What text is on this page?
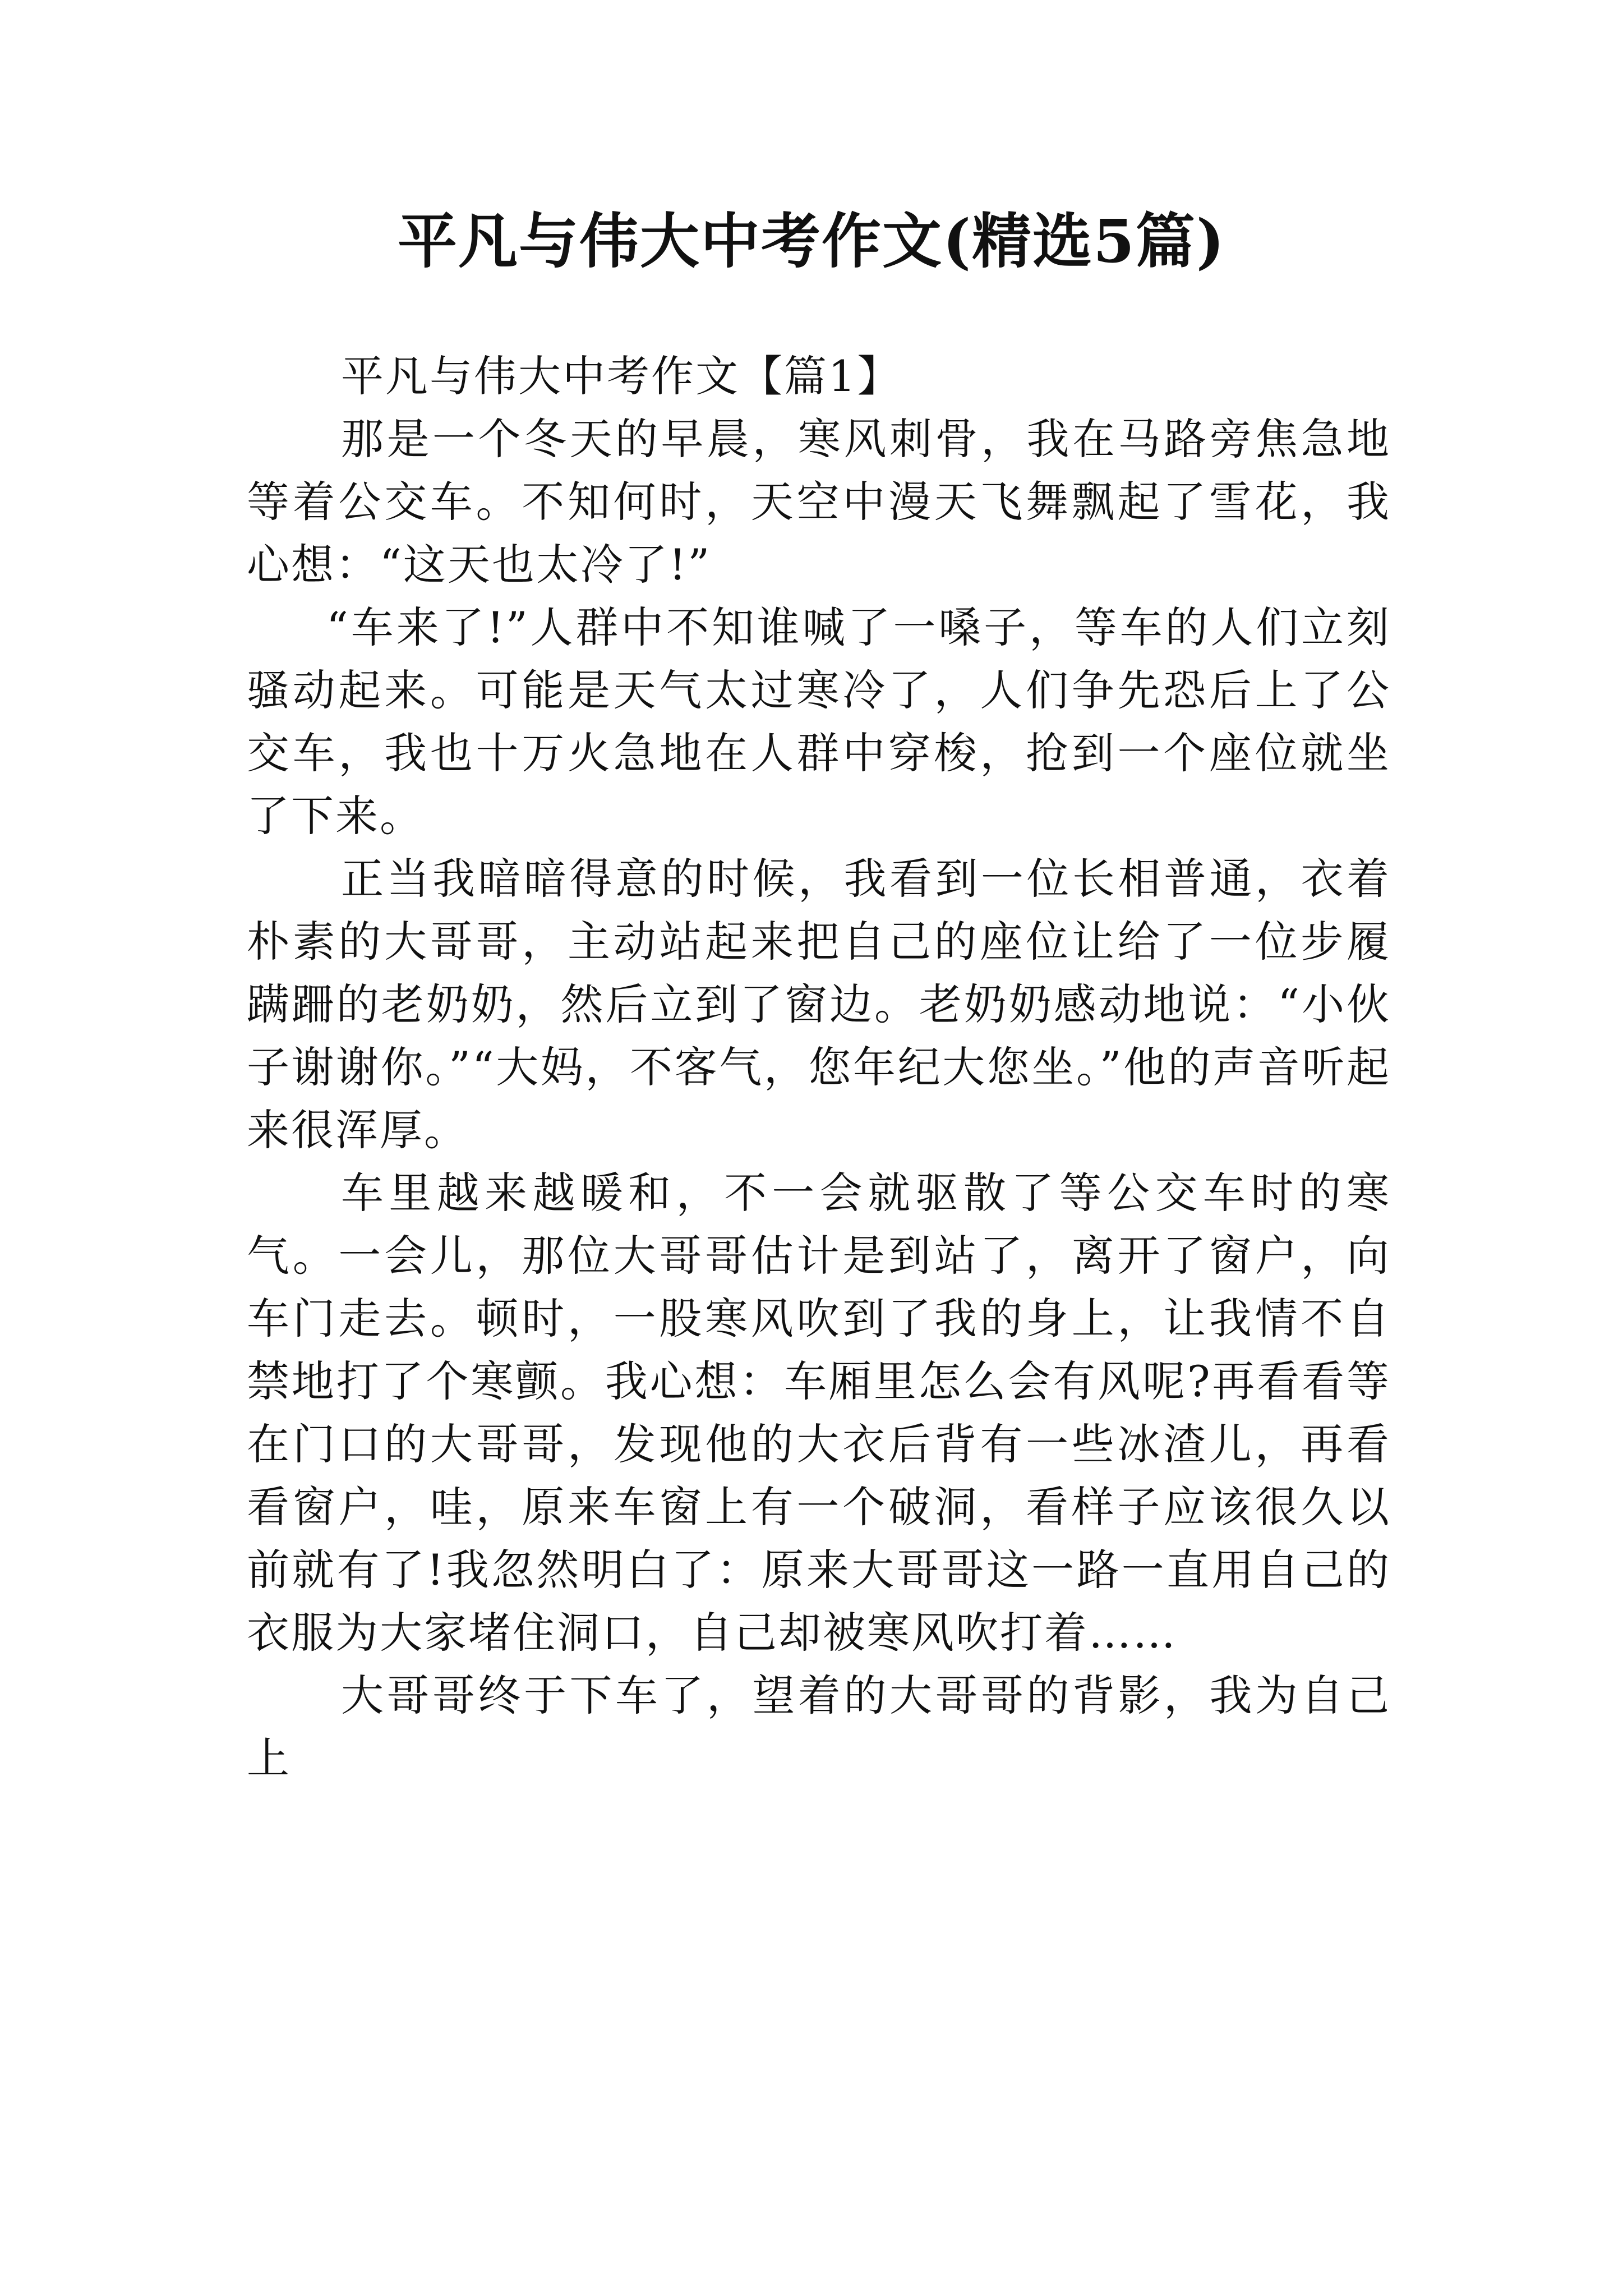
平凡与伟大中考作文(精选5篇)
平凡与伟大中考作文【篇1】

那是一个冬天的早晨，寒风刺骨，我在马路旁焦急地等着公交车。不知何时，天空中漫天飞舞飘起了雪花，我心想：“这天也太冷了!”

“车来了!”人群中不知谁喊了一嗓子，等车的人们立刻骚动起来。可能是天气太过寒冷了，人们争先恐后上了公交车，我也十万火急地在人群中穿梭，抢到一个座位就坐了下来。

正当我暗暗得意的时候，我看到一位长相普通，衣着朴素的大哥哥，主动站起来把自己的座位让给了一位步履蹒跚的老奶奶，然后立到了窗边。老奶奶感动地说：“小伙子谢谢你。”“大妈，不客气，您年纪大您坐。”他的声音听起来很浑厚。

车里越来越暖和，不一会就驱散了等公交车时的寒气。一会儿，那位大哥哥估计是到站了，离开了窗户，向车门走去。顿时，一股寒风吹到了我的身上，让我情不自禁地打了个寒颤。我心想：车厢里怎么会有风呢?再看看等在门口的大哥哥，发现他的大衣后背有一些冰渣儿，再看看窗户，哇，原来车窗上有一个破洞，看样子应该很久以前就有了!我忽然明白了：原来大哥哥这一路一直用自己的衣服为大家堵住洞口，自己却被寒风吹打着……

大哥哥终于下车了，望着的大哥哥的背影，我为自己上
